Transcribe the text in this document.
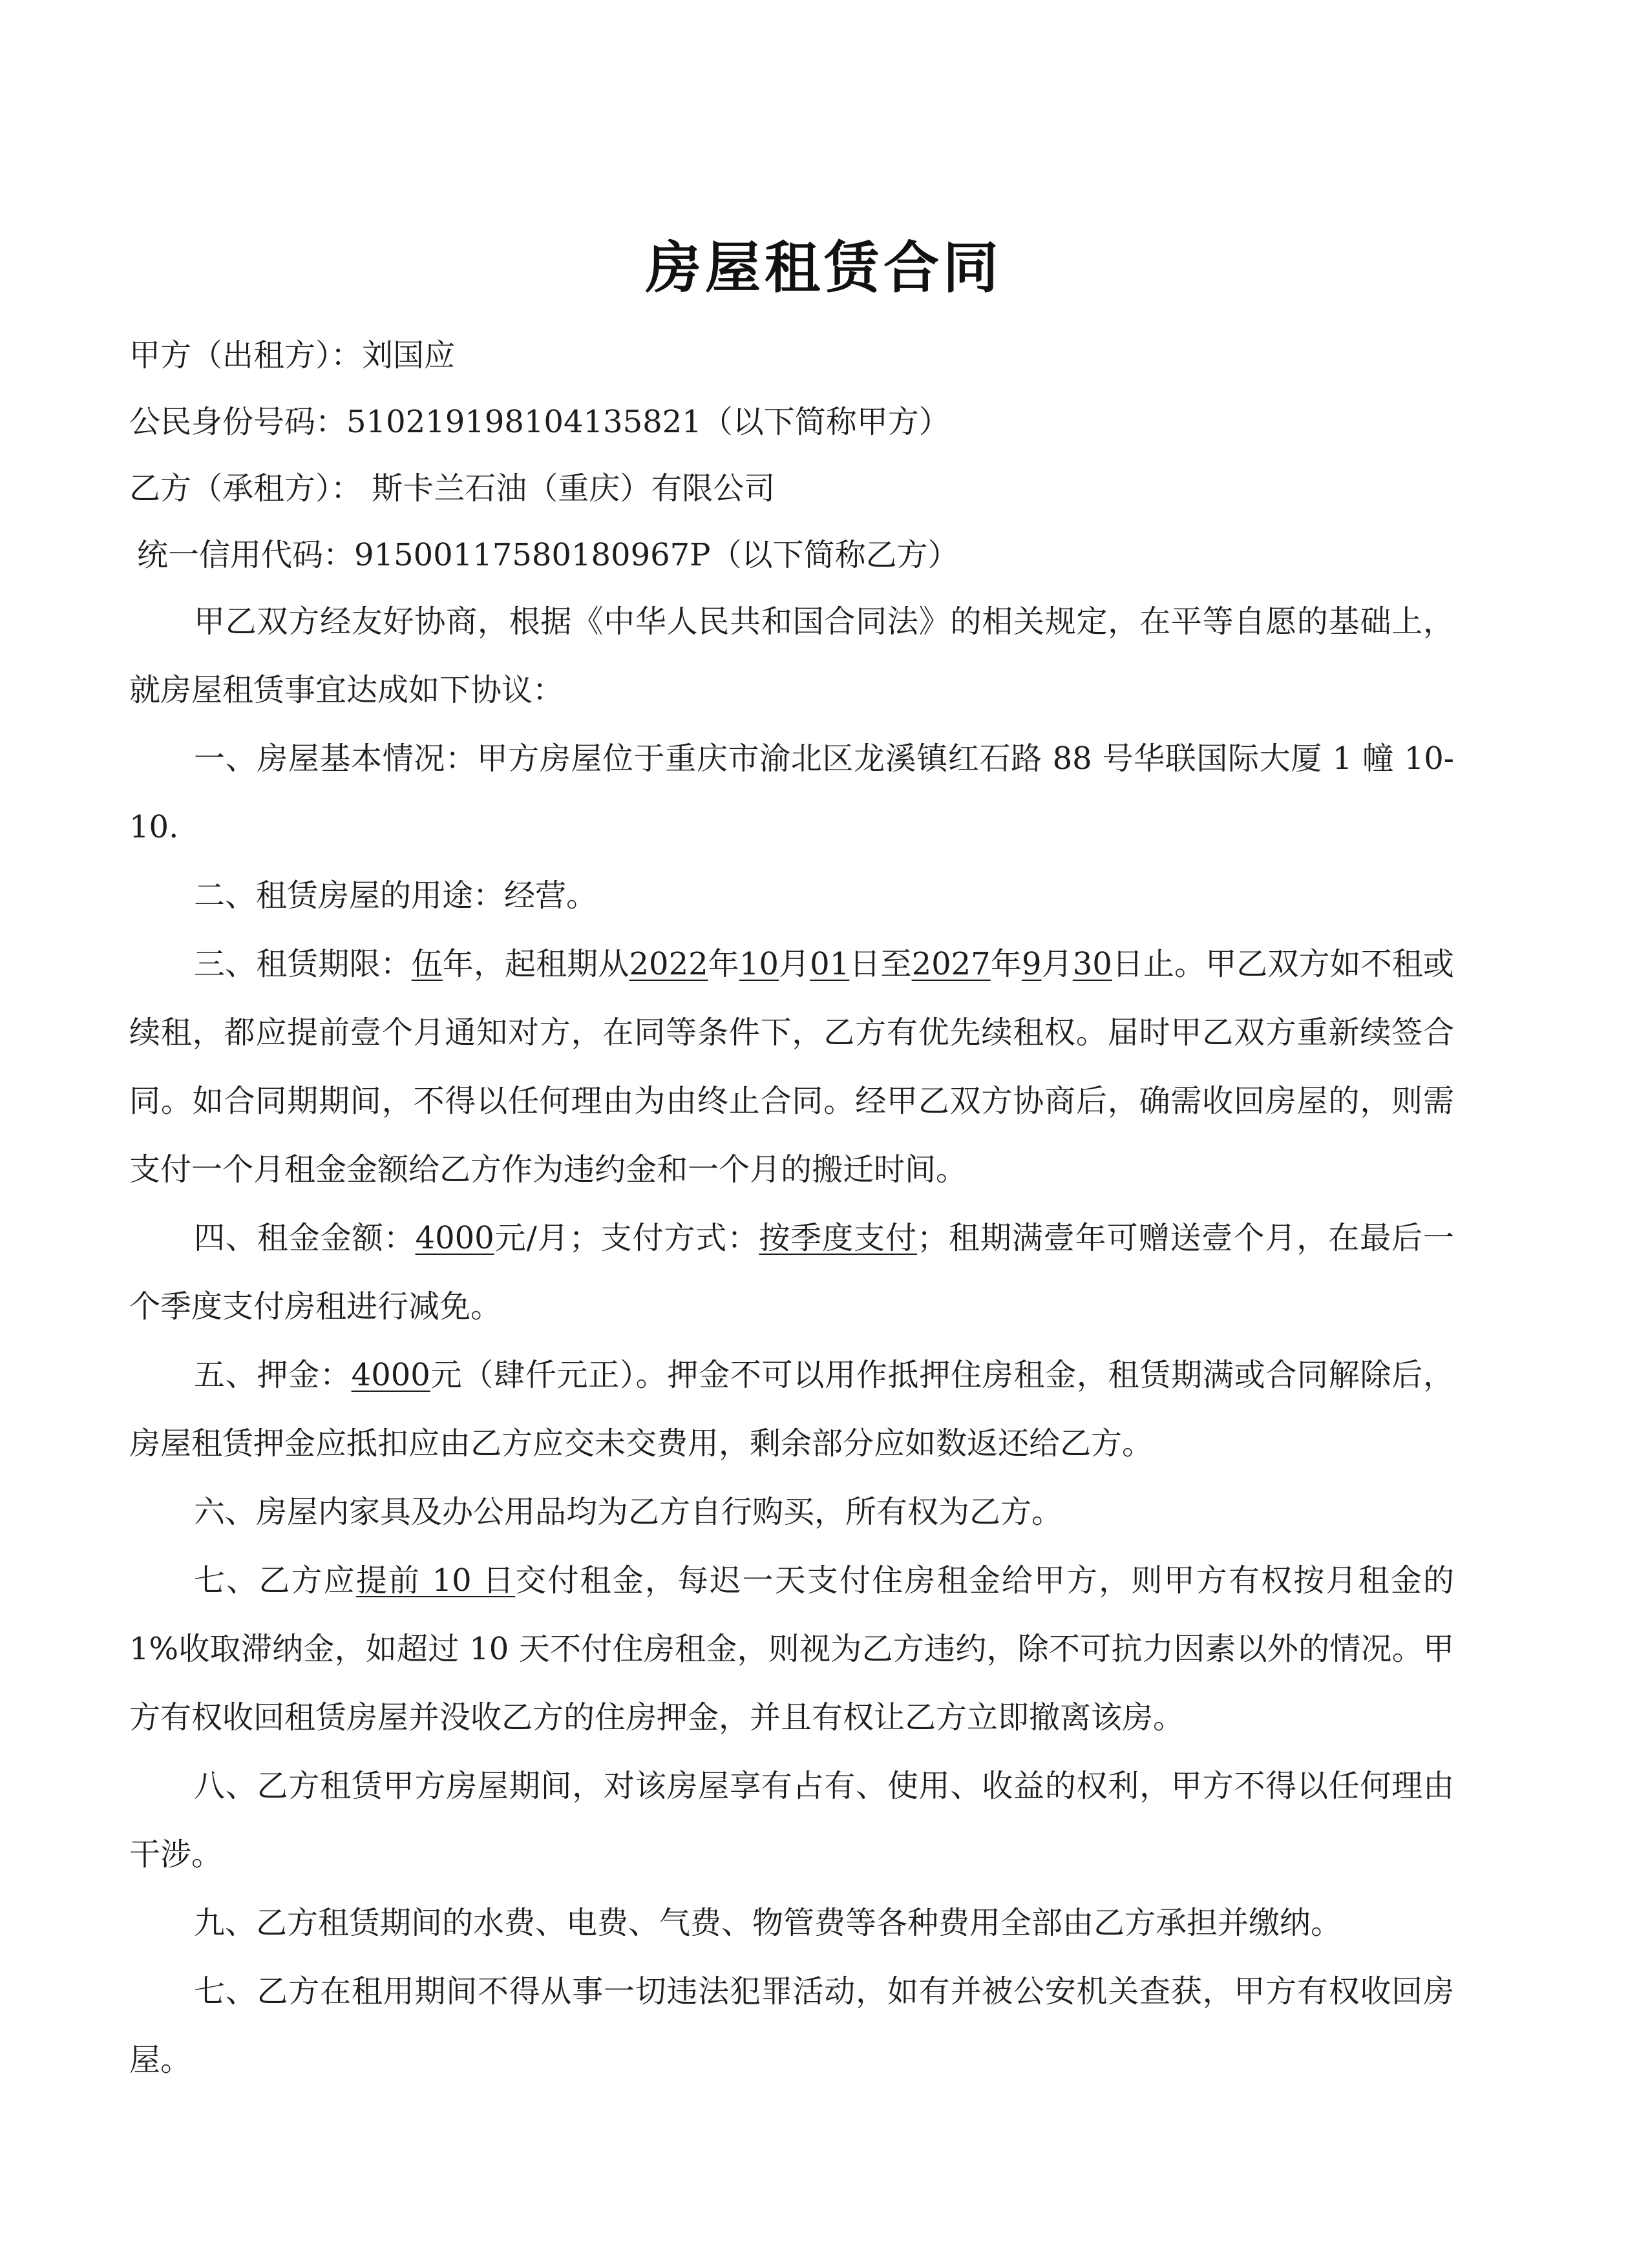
房屋租赁合同
甲方（出租方）：刘国应
公民身份号码：510219198104135821（以下简称甲方）
乙方（承租方）： 斯卡兰石油（重庆）有限公司
统一信用代码：91500117580180967P（以下简称乙方）
甲乙双方经友好协商，根据《中华人民共和国合同法》的相关规定，在平等自愿的基础上，就房屋租赁事宜达成如下协议：
一、房屋基本情况：甲方房屋位于重庆市渝北区龙溪镇红石路 88 号华联国际大厦 1 幢 10-10.
二、租赁房屋的用途：经营。
三、租赁期限：伍年，起租期从2022年10月01日至2027年9月30日止。甲乙双方如不租或续租，都应提前壹个月通知对方，在同等条件下，乙方有优先续租权。届时甲乙双方重新续签合同。如合同期期间，不得以任何理由为由终止合同。经甲乙双方协商后，确需收回房屋的，则需支付一个月租金金额给乙方作为违约金和一个月的搬迁时间。
四、租金金额：4000元/月；支付方式：按季度支付；租期满壹年可赠送壹个月，在最后一个季度支付房租进行减免。
五、押金：4000元（肆仟元正）。押金不可以用作抵押住房租金，租赁期满或合同解除后，房屋租赁押金应抵扣应由乙方应交未交费用，剩余部分应如数返还给乙方。
六、房屋内家具及办公用品均为乙方自行购买，所有权为乙方。
七、乙方应提前 10 日交付租金，每迟一天支付住房租金给甲方，则甲方有权按月租金的 1%收取滞纳金，如超过 10 天不付住房租金，则视为乙方违约，除不可抗力因素以外的情况。甲方有权收回租赁房屋并没收乙方的住房押金，并且有权让乙方立即撤离该房。
八、乙方租赁甲方房屋期间，对该房屋享有占有、使用、收益的权利，甲方不得以任何理由干涉。
九、乙方租赁期间的水费、电费、气费、物管费等各种费用全部由乙方承担并缴纳。
七、乙方在租用期间不得从事一切违法犯罪活动，如有并被公安机关查获，甲方有权收回房屋。
